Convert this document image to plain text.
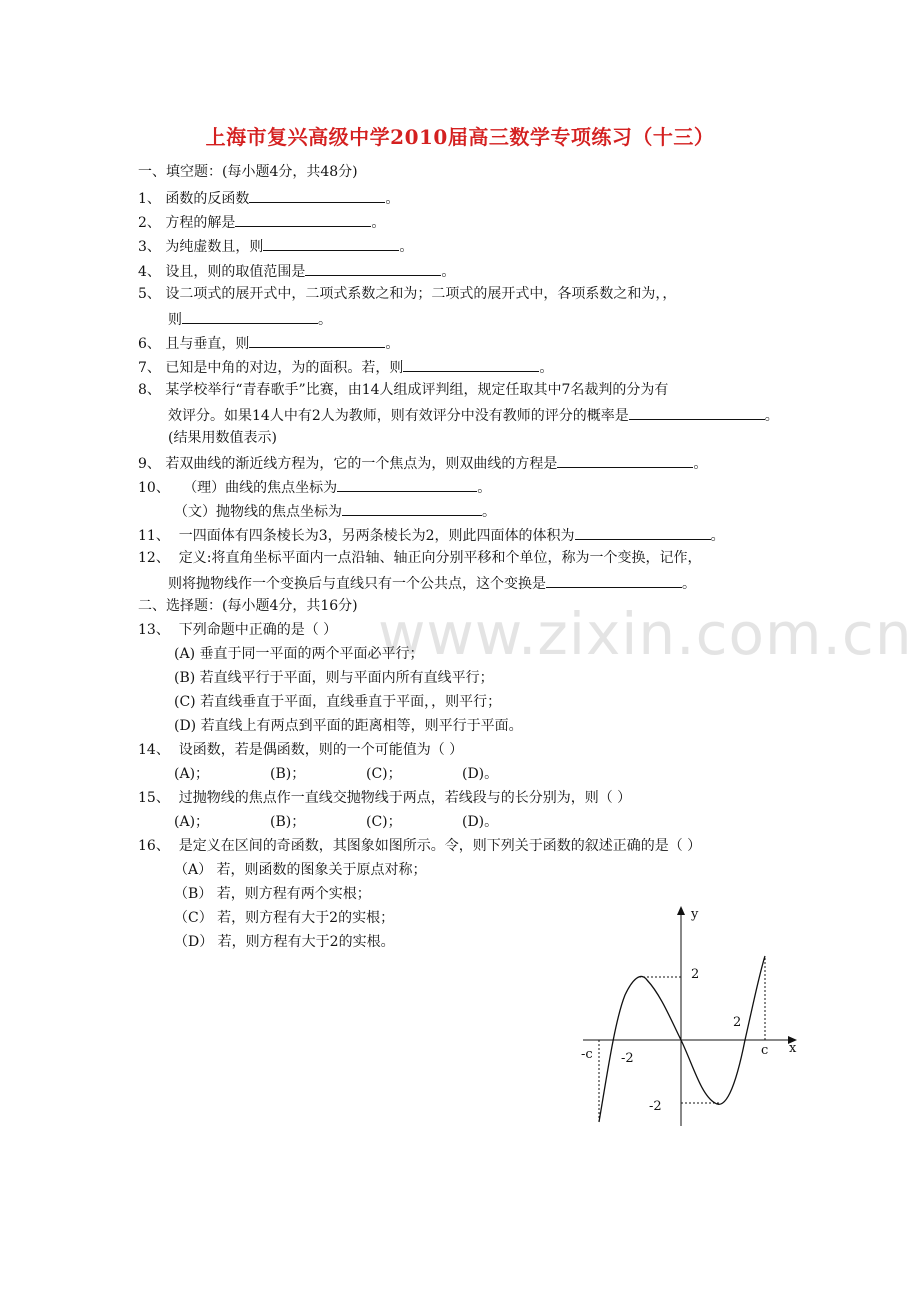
上海市复兴高级中学2010届高三数学专项练习（十三）
www.zixin.com.cn
一、填空题：(每小题4分，共48分)
1、 函数的反函数	。
2、 方程的解是	。
3、 为纯虚数且，则	。
4、 设且，则的取值范围是	。
5、 设二项式的展开式中，二项式系数之和为；二项式的展开式中，各项系数之和为，，
则	。
6、 且与垂直，则	。
7、 已知是中角的对边，为的面积。若，则	。
8、 某学校举行“青春歌手”比赛，由14人组成评判组，规定任取其中7名裁判的分为有
效评分。如果14人中有2人为教师，则有效评分中没有教师的评分的概率是	。
(结果用数值表示)
9、 若双曲线的渐近线方程为，它的一个焦点为，则双曲线的方程是	。
10、 （理）曲线的焦点坐标为	。
（文）抛物线的焦点坐标为	。
11、 一四面体有四条棱长为3，另两条棱长为2，则此四面体的体积为	。
12、 定义:将直角坐标平面内一点沿轴、轴正向分别平移和个单位，称为一个变换，记作，
则将抛物线作一个变换后与直线只有一个公共点，这个变换是	。
二、选择题：(每小题4分，共16分)
13、 下列命题中正确的是（ ）
(A) 垂直于同一平面的两个平面必平行；
(B) 若直线平行于平面，则与平面内所有直线平行；
(C) 若直线垂直于平面，直线垂直于平面，，则平行；
(D) 若直线上有两点到平面的距离相等，则平行于平面。
14、 设函数，若是偶函数，则的一个可能值为（ ）
(A)；	(B)；	(C)；	(D)。
15、 过抛物线的焦点作一直线交抛物线于两点，若线段与的长分别为，则（ ）
(A)；	(B)；	(C)；	(D)。
16、 是定义在区间的奇函数，其图象如图所示。令，则下列关于函数的叙述正确的是（ ）
（A） 若，则函数的图象关于原点对称；
（B） 若，则方程有两个实根；
（C） 若，则方程有大于2的实根；
（D） 若，则方程有大于2的实根。
y
x
2
2
c
-c -2
-2
